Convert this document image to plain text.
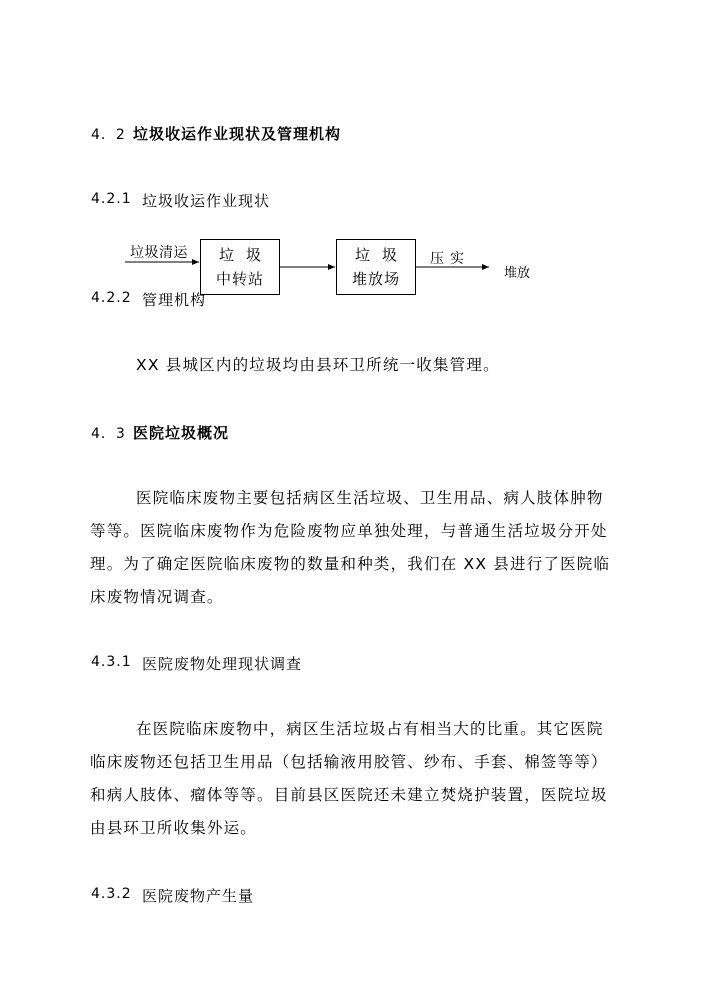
4．2 垃圾收运作业现状及管理机构
4.2.1 垃圾收运作业现状
垃圾清运	垃圾
中转站
垃圾
堆放场
压实
堆放
4.2.2 管理机构
XX 县城区内的垃圾均由县环卫所统一收集管理。
4．3 医院垃圾概况
医院临床废物主要包括病区生活垃圾、卫生用品、病人肢体肿物
等等。医院临床废物作为危险废物应单独处理，与普通生活垃圾分开处
理。为了确定医院临床废物的数量和种类，我们在 XX 县进行了医院临
床废物情况调查。
4.3.1 医院废物处理现状调查
在医院临床废物中，病区生活垃圾占有相当大的比重。其它医院
临床废物还包括卫生用品（包括输液用胶管、纱布、手套、棉签等等）
和病人肢体、瘤体等等。目前县区医院还未建立焚烧护装置，医院垃圾
由县环卫所收集外运。
4.3.2 医院废物产生量
